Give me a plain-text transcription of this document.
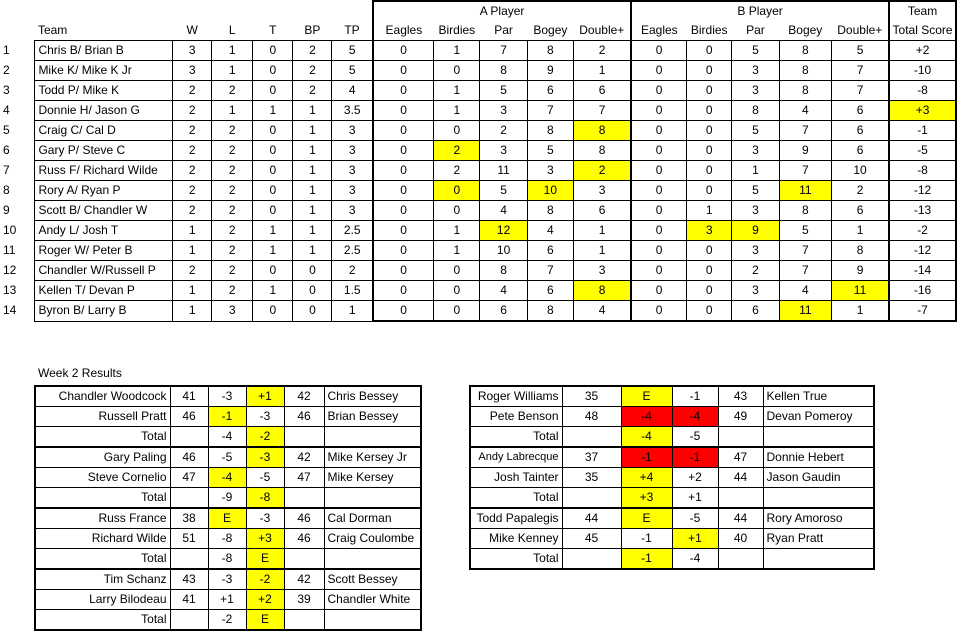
							A Player					B Player					Team
	Team	W	L	T	BP	TP	Eagles	Birdies	Par	Bogey	Double+	Eagles	Birdies	Par	Bogey	Double+	Total Score
1	Chris B/ Brian B	3	1	0	2	5	0	1	7	8	2	0	0	5	8	5	+2
2	Mike K/ Mike K Jr	3	1	0	2	5	0	0	8	9	1	0	0	3	8	7	-10
3	Todd P/ Mike K	2	2	0	2	4	0	1	5	6	6	0	0	3	8	7	-8
4	Donnie H/ Jason G	2	1	1	1	3.5	0	1	3	7	7	0	0	8	4	6	+3
5	Craig C/ Cal D	2	2	0	1	3	0	0	2	8	8	0	0	5	7	6	-1
6	Gary P/ Steve C	2	2	0	1	3	0	2	3	5	8	0	0	3	9	6	-5
7	Russ F/ Richard Wilde	2	2	0	1	3	0	2	11	3	2	0	0	1	7	10	-8
8	Rory A/ Ryan P	2	2	0	1	3	0	0	5	10	3	0	0	5	11	2	-12
9	Scott B/ Chandler W	2	2	0	1	3	0	0	4	8	6	0	1	3	8	6	-13
10	Andy L/ Josh T	1	2	1	1	2.5	0	1	12	4	1	0	3	9	5	1	-2
11	Roger W/ Peter B	1	2	1	1	2.5	0	1	10	6	1	0	0	3	7	8	-12
12	Chandler W/Russell P	2	2	0	0	2	0	0	8	7	3	0	0	2	7	9	-14
13	Kellen T/ Devan P	1	2	1	0	1.5	0	0	4	6	8	0	0	3	4	11	-16
14	Byron B/ Larry B	1	3	0	0	1	0	0	6	8	4	0	0	6	11	1	-7
Week 2 Results
Chandler Woodcock	41	-3	+1	42	Chris Bessey
Russell Pratt	46	-1	-3	46	Brian Bessey
Total		-4	-2		
Gary Paling	46	-5	-3	42	Mike Kersey Jr
Steve Cornelio	47	-4	-5	47	Mike Kersey
Total		-9	-8		
Russ France	38	E	-3	46	Cal Dorman
Richard Wilde	51	-8	+3	46	Craig Coulombe
Total		-8	E		
Tim Schanz	43	-3	-2	42	Scott Bessey
Larry Bilodeau	41	+1	+2	39	Chandler White
Total		-2	E		
Roger Williams	35	E	-1	43	Kellen True
Pete Benson	48	-4	-4	49	Devan Pomeroy
Total		-4	-5		
Andy Labrecque	37	-1	-1	47	Donnie Hebert
Josh Tainter	35	+4	+2	44	Jason Gaudin
Total		+3	+1		
Todd Papalegis	44	E	-5	44	Rory Amoroso
Mike Kenney	45	-1	+1	40	Ryan Pratt
Total		-1	-4		
